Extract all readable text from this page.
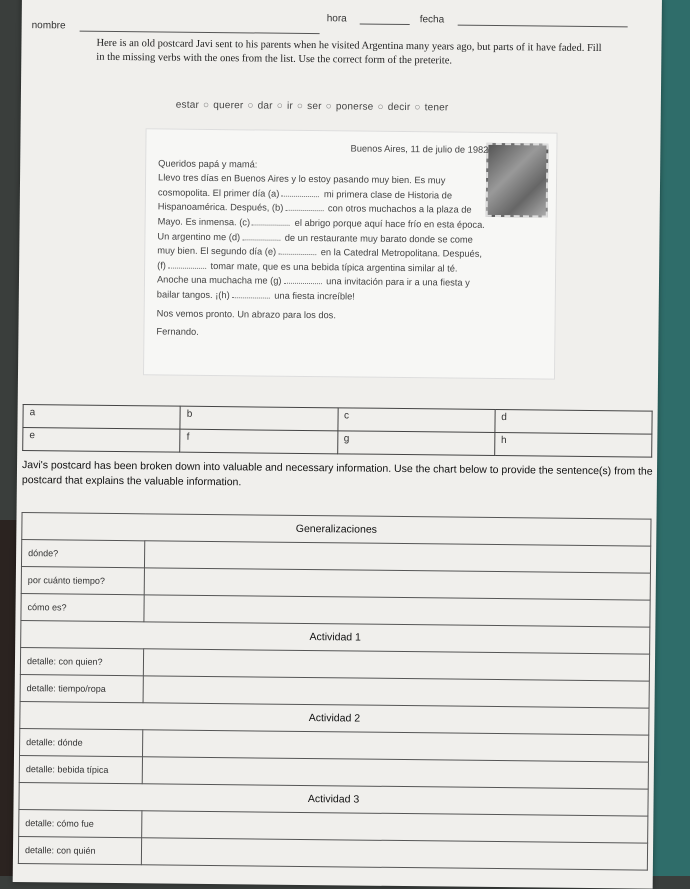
nombre
hora	fecha
Here is an old postcard Javi sent to his parents when he visited Argentina many years ago, but parts of it have faded. Fill in the missing verbs with the ones from the list. Use the correct form of the preterite.
estar ○ querer ○ dar ○ ir ○ ser ○ ponerse ○ decir ○ tener
Buenos Aires, 11 de julio de 1982
Queridos papá y mamá:
Llevo tres días en Buenos Aires y lo estoy pasando muy bien. Es muy cosmopolita. El primer día (a)	mi primera clase de Historia de Hispanoamérica. Después, (b)	con otros muchachos a la plaza de Mayo. Es inmensa. (c)	el abrigo porque aquí hace frío en esta época. Un argentino me (d)	de un restaurante muy barato donde se come muy bien. El segundo día (e)	en la Catedral Metropolitana. Después, (f)	tomar mate, que es una bebida típica argentina similar al té. Anoche una muchacha me (g)	una invitación para ir a una fiesta y bailar tangos. ¡(h)	una fiesta increíble!
Nos vemos pronto. Un abrazo para los dos.
Fernando.
a	b	c	d
e	f	g	h
Javi's postcard has been broken down into valuable and necessary information. Use the chart below to provide the sentence(s) from the postcard that explains the valuable information.
Generalizaciones	
dónde?	
por cuánto tiempo?	
cómo es?	
Actividad 1	
detalle: con quien?	
detalle: tiempo/ropa	
Actividad 2	
detalle: dónde	
detalle: bebida típica	
Actividad 3	
detalle: cómo fue	
detalle: con quién	
